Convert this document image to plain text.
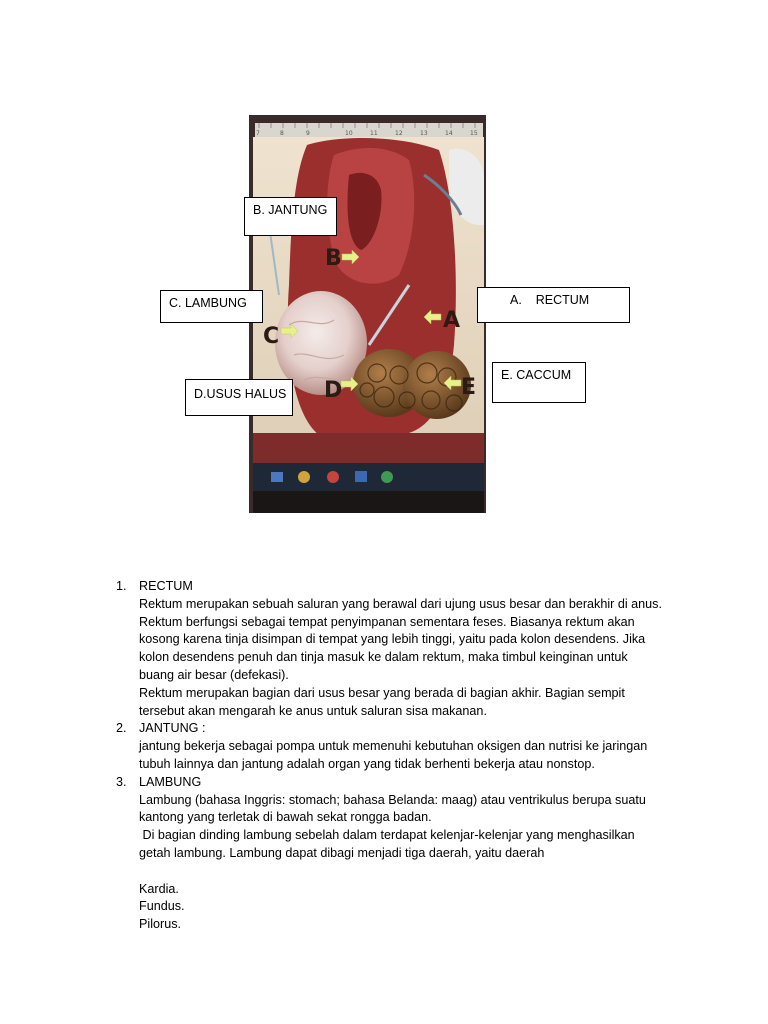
7	8	9	10	11	12	13	14	15
B
C
A
D	E
B. JANTUNG
C. LAMBUNG
D.USUS HALUS
A.    RECTUM
E. CACCUM
1. RECTUM

Rektum merupakan sebuah saluran yang berawal dari ujung usus besar dan berakhir di anus.

Rektum berfungsi sebagai tempat penyimpanan sementara feses. Biasanya rektum akan

kosong karena tinja disimpan di tempat yang lebih tinggi, yaitu pada kolon desendens. Jika

kolon desendens penuh dan tinja masuk ke dalam rektum, maka timbul keinginan untuk

buang air besar (defekasi).

Rektum merupakan bagian dari usus besar yang berada di bagian akhir. Bagian sempit

tersebut akan mengarah ke anus untuk saluran sisa makanan.

2. JANTUNG :

jantung bekerja sebagai pompa untuk memenuhi kebutuhan oksigen dan nutrisi ke jaringan

tubuh lainnya dan jantung adalah organ yang tidak berhenti bekerja atau nonstop.

3. LAMBUNG

Lambung (bahasa Inggris: stomach; bahasa Belanda: maag) atau ventrikulus berupa suatu

kantong yang terletak di bawah sekat rongga badan.

Di bagian dinding lambung sebelah dalam terdapat kelenjar-kelenjar yang menghasilkan

getah lambung. Lambung dapat dibagi menjadi tiga daerah, yaitu daerah

Kardia.

Fundus.

Pilorus.
